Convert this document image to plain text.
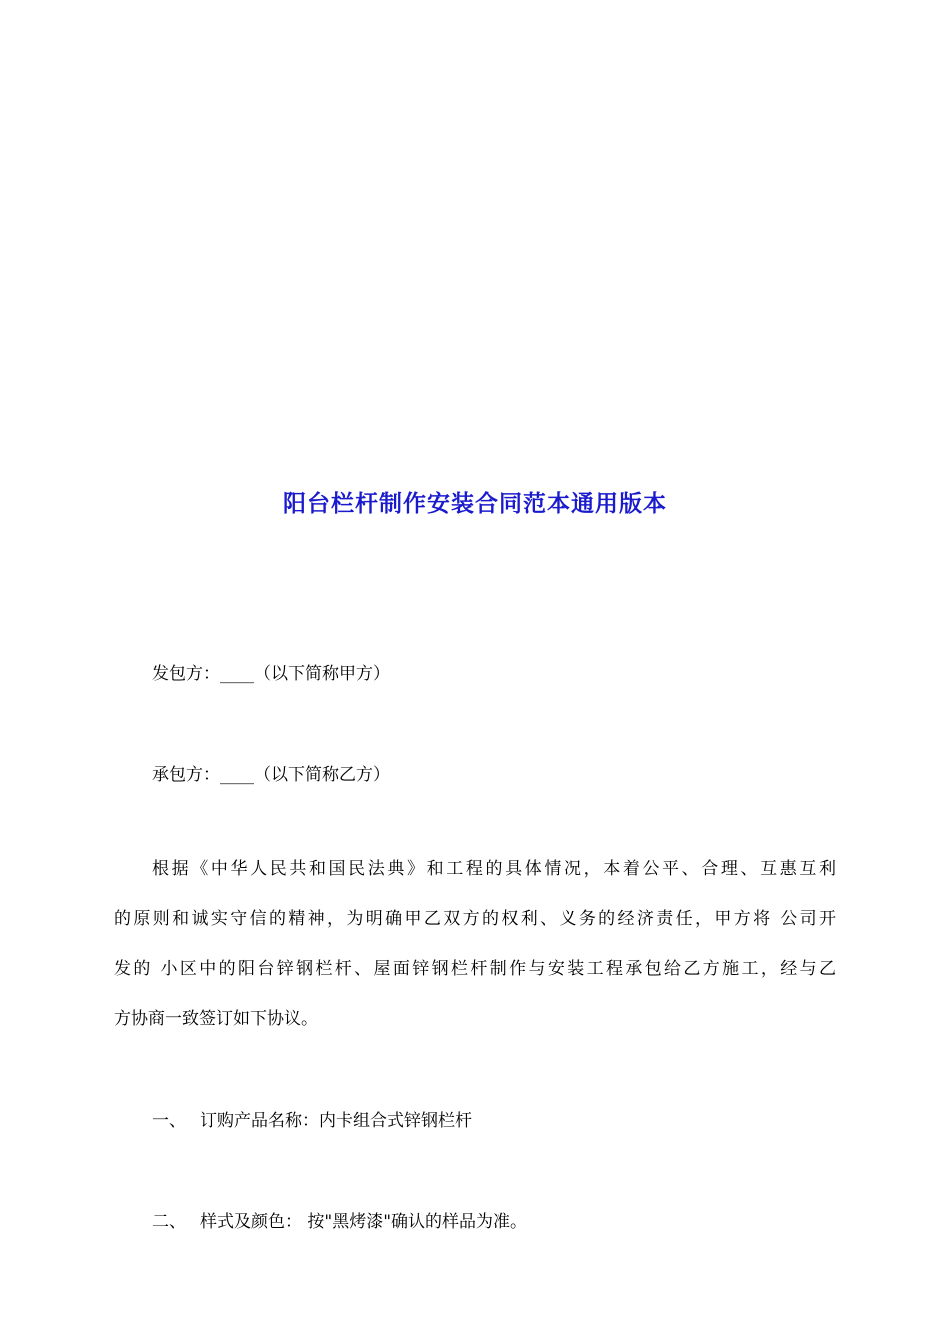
阳台栏杆制作安装合同范本通用版本
发包方：____（以下简称甲方）
承包方：____（以下简称乙方）
根据《中华人民共和国民法典》和工程的具体情况，本着公平、合理、互惠互利
的原则和诚实守信的精神，为明确甲乙双方的权利、义务的经济责任，甲方将 公司开
发的 小区中的阳台锌钢栏杆、屋面锌钢栏杆制作与安装工程承包给乙方施工，经与乙
方协商一致签订如下协议。
一、 订购产品名称：内卡组合式锌钢栏杆
二、 样式及颜色： 按"黑烤漆"确认的样品为准。
